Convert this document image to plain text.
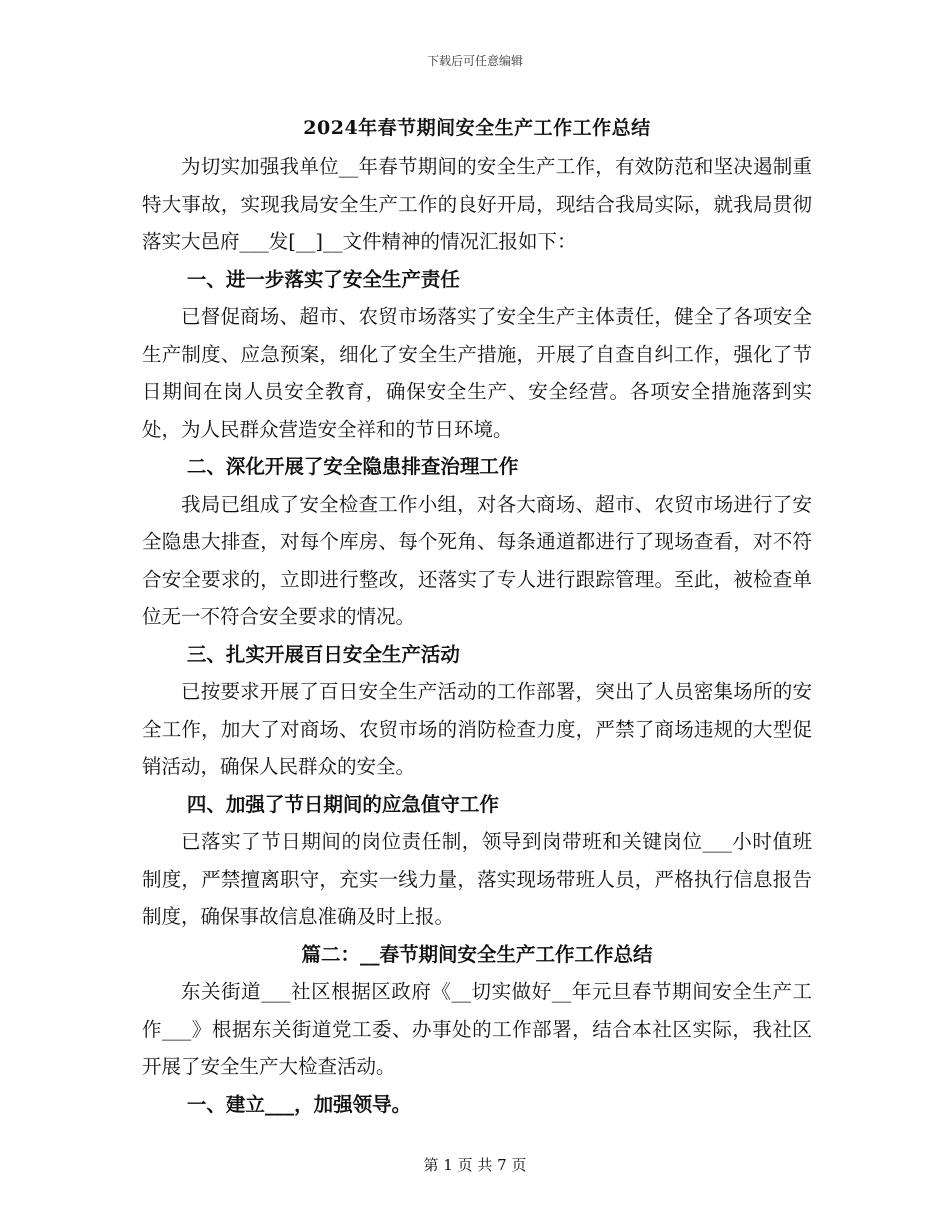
下载后可任意编辑
2024年春节期间安全生产工作工作总结

为切实加强我单位__年春节期间的安全生产工作，有效防范和坚决遏制重特大事故，实现我局安全生产工作的良好开局，现结合我局实际，就我局贯彻落实大邑府___发[__]__文件精神的情况汇报如下：

一、进一步落实了安全生产责任

已督促商场、超市、农贸市场落实了安全生产主体责任，健全了各项安全生产制度、应急预案，细化了安全生产措施，开展了自查自纠工作，强化了节日期间在岗人员安全教育，确保安全生产、安全经营。各项安全措施落到实处，为人民群众营造安全祥和的节日环境。

二、深化开展了安全隐患排查治理工作

我局已组成了安全检查工作小组，对各大商场、超市、农贸市场进行了安全隐患大排查，对每个库房、每个死角、每条通道都进行了现场查看，对不符合安全要求的，立即进行整改，还落实了专人进行跟踪管理。至此，被检查单位无一不符合安全要求的情况。

三、扎实开展百日安全生产活动

已按要求开展了百日安全生产活动的工作部署，突出了人员密集场所的安全工作，加大了对商场、农贸市场的消防检查力度，严禁了商场违规的大型促销活动，确保人民群众的安全。

四、加强了节日期间的应急值守工作

已落实了节日期间的岗位责任制，领导到岗带班和关键岗位___小时值班制度，严禁擅离职守，充实一线力量，落实现场带班人员，严格执行信息报告制度，确保事故信息准确及时上报。

篇二：__春节期间安全生产工作工作总结

东关街道___社区根据区政府《__切实做好__年元旦春节期间安全生产工作___》根据东关街道党工委、办事处的工作部署，结合本社区实际，我社区开展了安全生产大检查活动。

一、建立___，加强领导。

第 1 页 共 7 页
